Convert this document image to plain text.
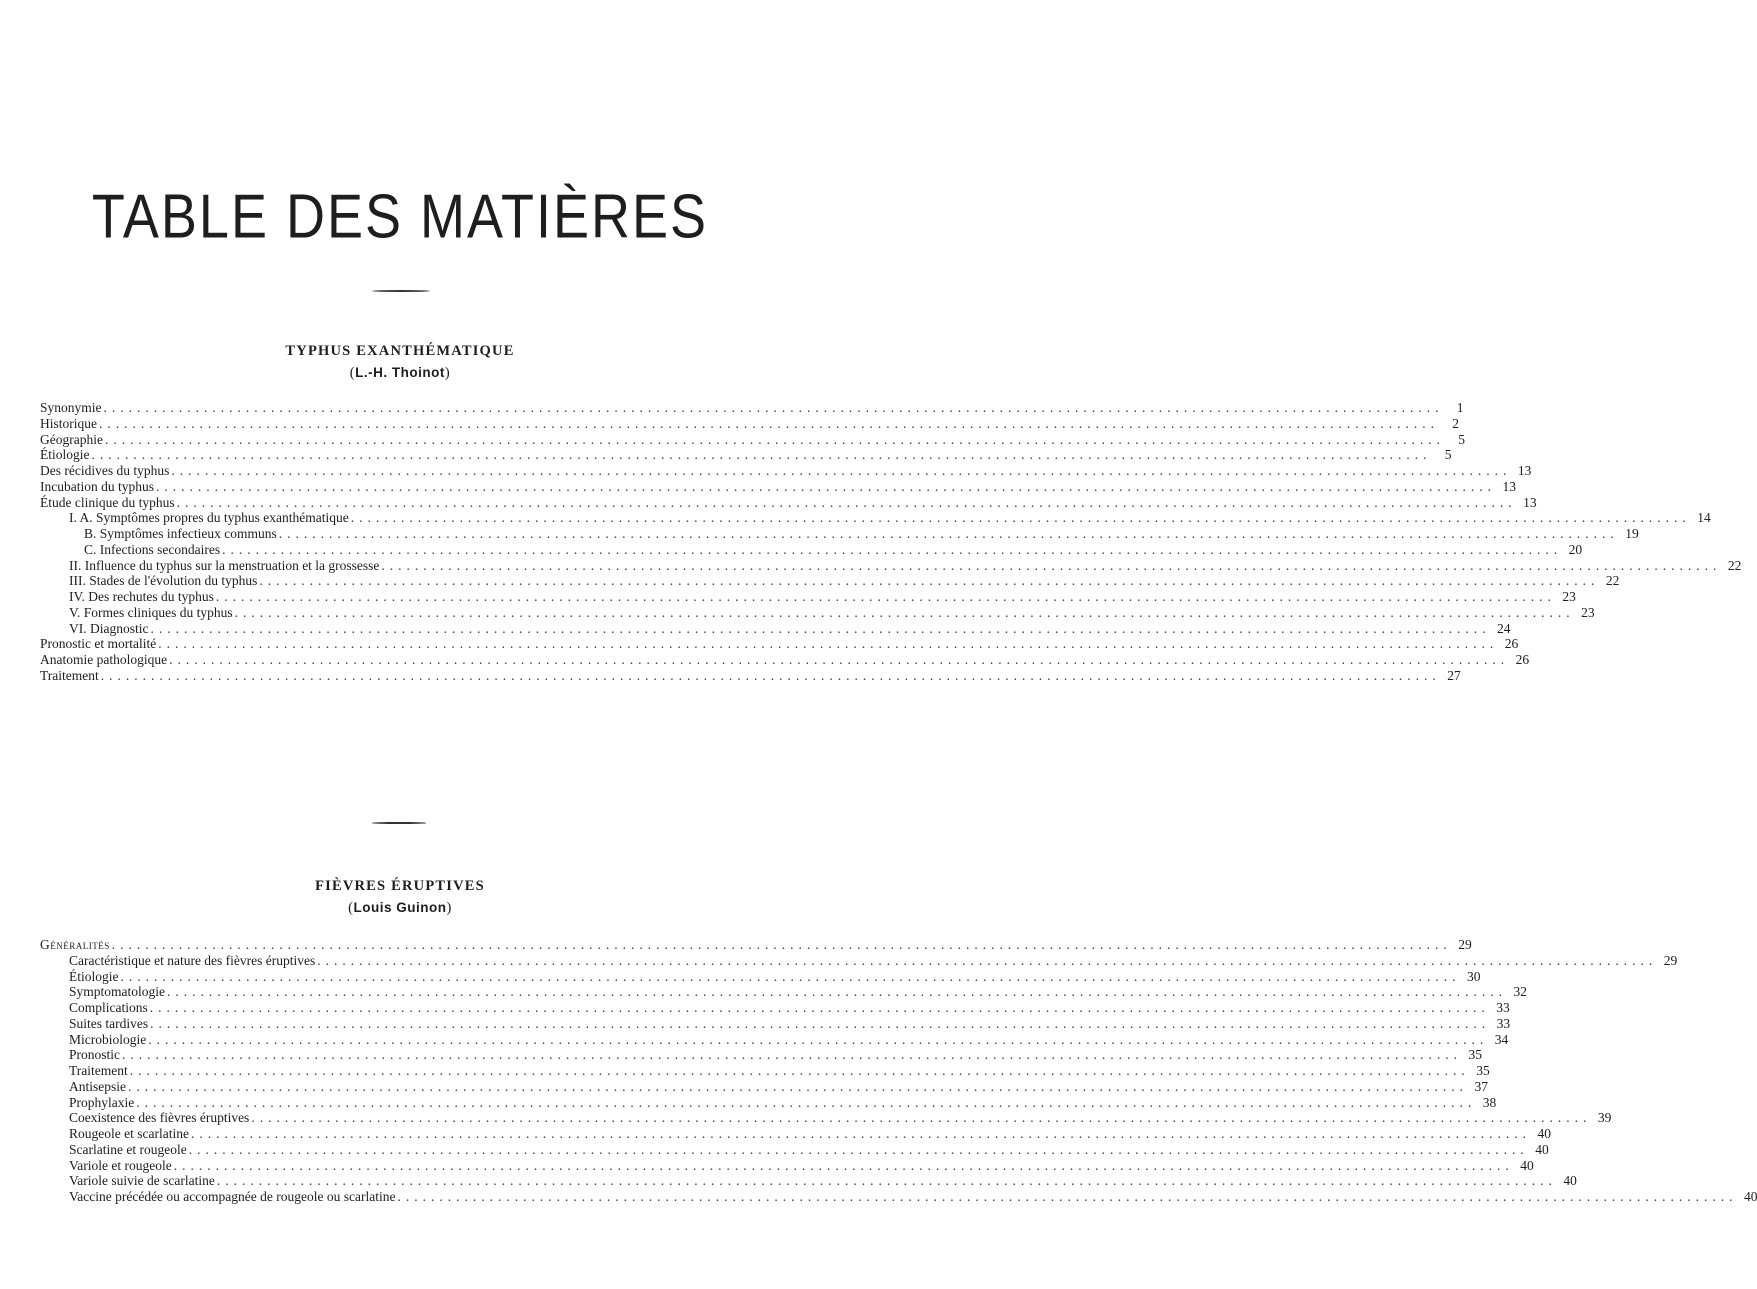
TABLE DES MATIÈRES
TYPHUS EXANTHÉMATIQUE
(L.-H. Thoinot)
Synonymie ................................................................................................................................................................ 1
Historique ................................................................................................................................................................ 2
Géographie ................................................................................................................................................................ 5
Étiologie ................................................................................................................................................................ 5
Des récidives du typhus ................................................................................................................................................................ 13
Incubation du typhus ................................................................................................................................................................ 13
Étude clinique du typhus ................................................................................................................................................................ 13
I. A. Symptômes propres du typhus exanthématique ................................................................................................................................................................ 14
B. Symptômes infectieux communs ................................................................................................................................................................ 19
C. Infections secondaires ................................................................................................................................................................ 20
II. Influence du typhus sur la menstruation et la grossesse ................................................................................................................................................................ 22
III. Stades de l'évolution du typhus ................................................................................................................................................................ 22
IV. Des rechutes du typhus ................................................................................................................................................................ 23
V. Formes cliniques du typhus ................................................................................................................................................................ 23
VI. Diagnostic ................................................................................................................................................................ 24
Pronostic et mortalité ................................................................................................................................................................ 26
Anatomie pathologique ................................................................................................................................................................ 26
Traitement ................................................................................................................................................................ 27
FIÈVRES ÉRUPTIVES
(Louis Guinon)
Généralités ................................................................................................................................................................ 29
Caractéristique et nature des fièvres éruptives ................................................................................................................................................................ 29
Étiologie ................................................................................................................................................................ 30
Symptomatologie ................................................................................................................................................................ 32
Complications ................................................................................................................................................................ 33
Suites tardives ................................................................................................................................................................ 33
Microbiologie ................................................................................................................................................................ 34
Pronostic ................................................................................................................................................................ 35
Traitement ................................................................................................................................................................ 35
Antisepsie ................................................................................................................................................................ 37
Prophylaxie ................................................................................................................................................................ 38
Coexistence des fièvres éruptives ................................................................................................................................................................ 39
Rougeole et scarlatine ................................................................................................................................................................ 40
Scarlatine et rougeole ................................................................................................................................................................ 40
Variole et rougeole ................................................................................................................................................................ 40
Variole suivie de scarlatine ................................................................................................................................................................ 40
Vaccine précédée ou accompagnée de rougeole ou scarlatine ................................................................................................................................................................ 40
